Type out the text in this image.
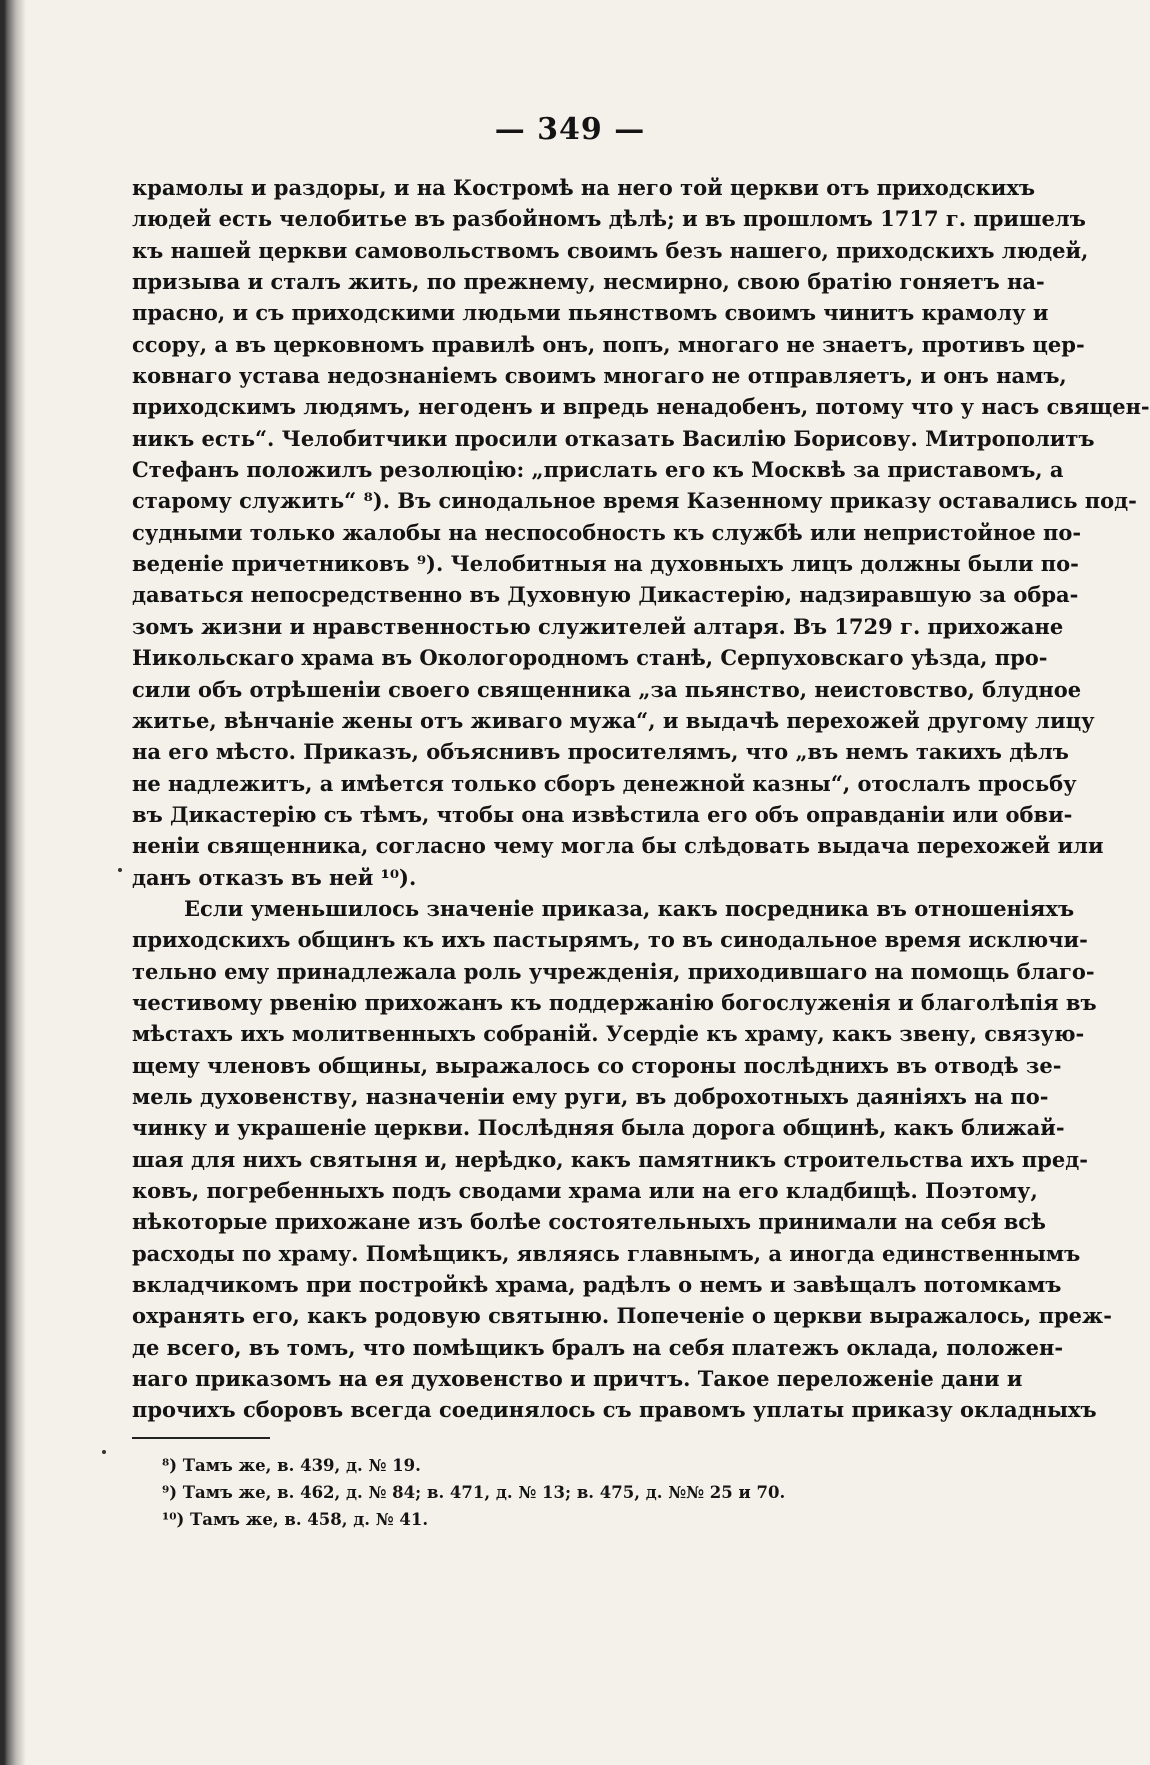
— 349 —
крамолы и раздоры, и на Костромѣ на него той церкви отъ приходскихъ
людей есть челобитье въ разбойномъ дѣлѣ; и въ прошломъ 1717 г. пришелъ
къ нашей церкви самовольствомъ своимъ безъ нашего, приходскихъ людей,
призыва и сталъ жить, по прежнему, несмирно, свою братію гоняетъ на-
прасно, и съ приходскими людьми пьянствомъ своимъ чинитъ крамолу и
ссору, а въ церковномъ правилѣ онъ, попъ, многаго не знаетъ, противъ цер-
ковнаго устава недознаніемъ своимъ многаго не отправляетъ, и онъ намъ,
приходскимъ людямъ, негоденъ и впредь ненадобенъ, потому что у насъ священ-
никъ есть“. Челобитчики просили отказать Василію Борисову. Митрополитъ
Стефанъ положилъ резолюцію: „прислать его къ Москвѣ за приставомъ, а
старому служить“ ⁸). Въ синодальное время Казенному приказу оставались под-
судными только жалобы на неспособность къ службѣ или непристойное по-
веденіе причетниковъ ⁹). Челобитныя на духовныхъ лицъ должны были по-
даваться непосредственно въ Духовную Дикастерію, надзиравшую за обра-
зомъ жизни и нравственностью служителей алтаря. Въ 1729 г. прихожане
Никольскаго храма въ Окологородномъ станѣ, Серпуховскаго уѣзда, про-
сили объ отрѣшеніи своего священника „за пьянство, неистовство, блудное
житье, вѣнчаніе жены отъ живаго мужа“, и выдачѣ перехожей другому лицу
на его мѣсто. Приказъ, объяснивъ просителямъ, что „въ немъ такихъ дѣлъ
не надлежитъ, а имѣется только сборъ денежной казны“, отослалъ просьбу
въ Дикастерію съ тѣмъ, чтобы она извѣстила его объ оправданіи или обви-
неніи священника, согласно чему могла бы слѣдовать выдача перехожей или
данъ отказъ въ ней ¹⁰).
Если уменьшилось значеніе приказа, какъ посредника въ отношеніяхъ
приходскихъ общинъ къ ихъ пастырямъ, то въ синодальное время исключи-
тельно ему принадлежала роль учрежденія, приходившаго на помощь благо-
честивому рвенію прихожанъ къ поддержанію богослуженія и благолѣпія въ
мѣстахъ ихъ молитвенныхъ собраній. Усердіе къ храму, какъ звену, связую-
щему членовъ общины, выражалось со стороны послѣднихъ въ отводѣ зе-
мель духовенству, назначеніи ему руги, въ доброхотныхъ даяніяхъ на по-
чинку и украшеніе церкви. Послѣдняя была дорога общинѣ, какъ ближай-
шая для нихъ святыня и, нерѣдко, какъ памятникъ строительства ихъ пред-
ковъ, погребенныхъ подъ сводами храма или на его кладбищѣ. Поэтому,
нѣкоторые прихожане изъ болѣе состоятельныхъ принимали на себя всѣ
расходы по храму. Помѣщикъ, являясь главнымъ, а иногда единственнымъ
вкладчикомъ при постройкѣ храма, радѣлъ о немъ и завѣщалъ потомкамъ
охранять его, какъ родовую святыню. Попеченіе о церкви выражалось, преж-
де всего, въ томъ, что помѣщикъ бралъ на себя платежъ оклада, положен-
наго приказомъ на ея духовенство и причтъ. Такое переложеніе дани и
прочихъ сборовъ всегда соединялось съ правомъ уплаты приказу окладныхъ
⁸) Тамъ же, в. 439, д. № 19.
⁹) Тамъ же, в. 462, д. № 84; в. 471, д. № 13; в. 475, д. №№ 25 и 70.
¹⁰) Тамъ же, в. 458, д. № 41.
